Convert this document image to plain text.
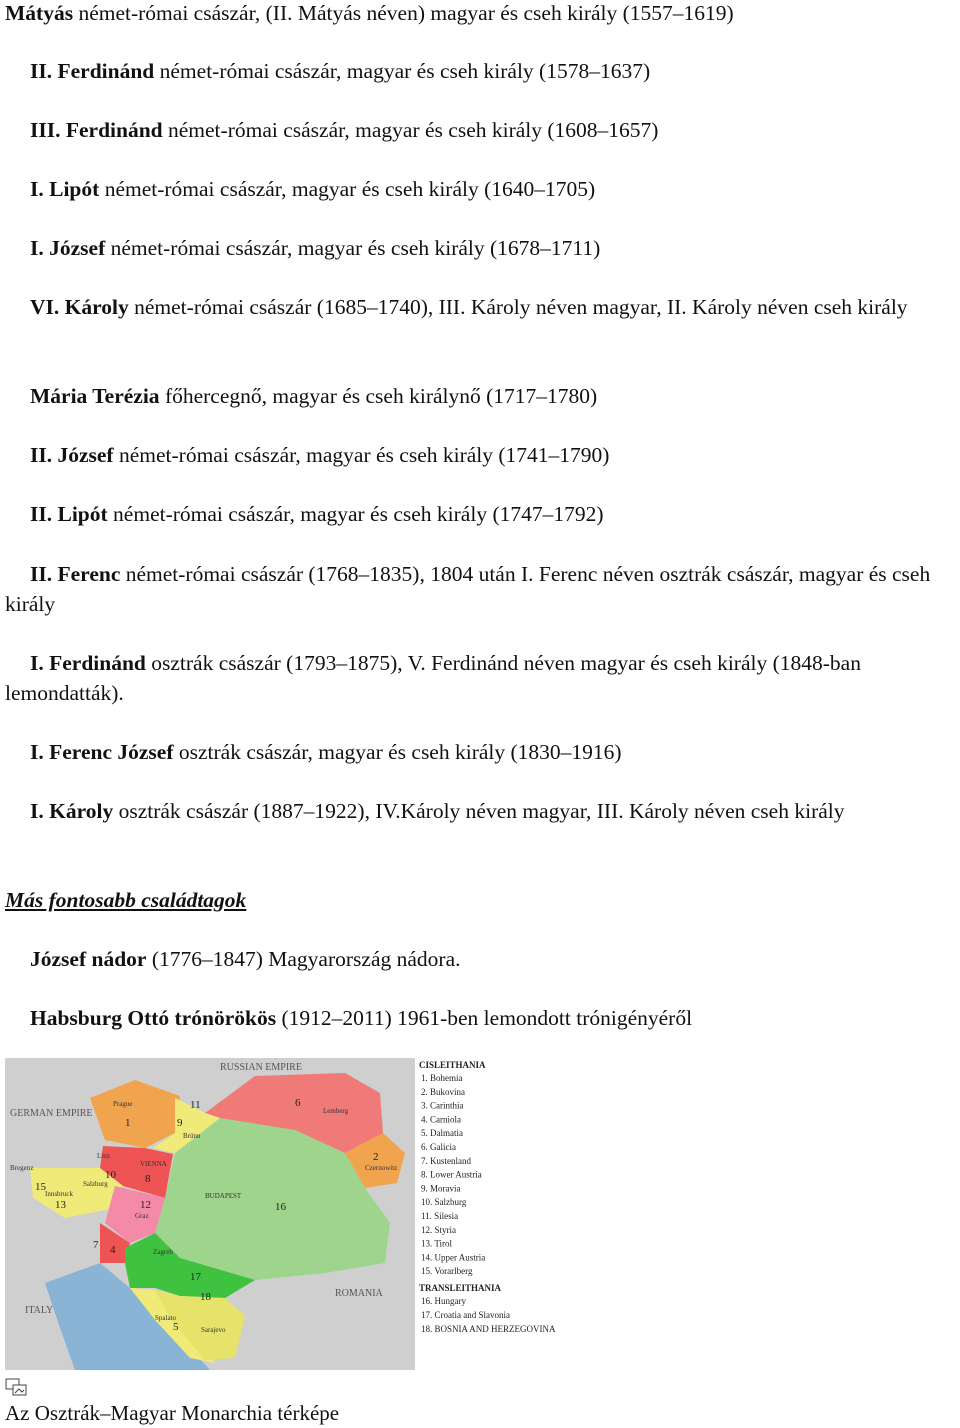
Mátyás német-római császár, (II. Mátyás néven) magyar és cseh király (1557–1619)

II. Ferdinánd német-római császár, magyar és cseh király (1578–1637)

III. Ferdinánd német-római császár, magyar és cseh király (1608–1657)

I. Lipót német-római császár, magyar és cseh király (1640–1705)

I. József német-római császár, magyar és cseh király (1678–1711)

VI. Károly német-római császár (1685–1740), III. Károly néven magyar, II. Károly néven cseh király

Mária Terézia főhercegnő, magyar és cseh királynő (1717–1780)

II. József német-római császár, magyar és cseh király (1741–1790)

II. Lipót német-római császár, magyar és cseh király (1747–1792)

II. Ferenc német-római császár (1768–1835), 1804 után I. Ferenc néven osztrák császár, magyar és cseh király

I. Ferdinánd osztrák császár (1793–1875), V. Ferdinánd néven magyar és cseh király (1848-ban lemondatták).

I. Ferenc József osztrák császár, magyar és cseh király (1830–1916)

I. Károly osztrák császár (1887–1922), IV.Károly néven magyar, III. Károly néven cseh király

Más fontosabb családtagok

József nádor (1776–1847) Magyarország nádora.

Habsburg Ottó trónörökös (1912–2011) 1961-ben lemondott trónigényéről

RUSSIAN EMPIRE
GERMAN EMPIRE
ITALY
ROMANIA
Prague
Brünn
Lemberg
Czernowitz
VIENNA
BUDAPEST
Bregenz
Linz
Salzburg
Graz
Innsbruck
Zagreb
Sarajevo
Spalato
1
2
4
5
6
7
8
9
10
11
12
13
15
16
17
18
CISLEITHANIA
1. Bohemia
2. Bukovina
3. Carinthia
4. Carniola
5. Dalmatia
6. Galicia
7. Kustenland
8. Lower Austria
9. Moravia
10. Salzburg
11. Silesia
12. Styria
13. Tirol
14. Upper Austria
15. Vorarlberg
TRANSLEITHANIA
16. Hungary
17. Croatia and Slavonia
18. BOSNIA AND HERZEGOVINA
Az Osztrák–Magyar Monarchia térképe
